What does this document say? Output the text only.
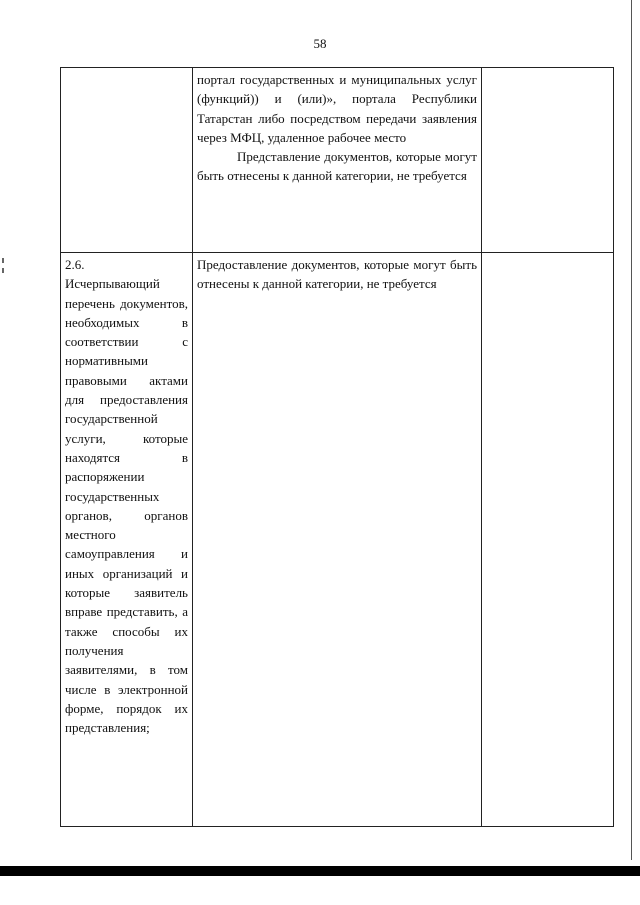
58

	портал государственных и муниципальных услуг (функций)) и (или)», портала Республики Татарстан либо посредством передачи заявления через МФЦ, удаленное рабочее место

Представление документов, которые могут быть отнесены к данной категории, не требуется	

2.6.
Исчерпывающий перечень документов, необходимых в соответствии с нормативными правовыми актами для предоставления государственной услуги, которые находятся в распоряжении государственных органов, органов местного самоуправления и иных организаций и которые заявитель вправе представить, а также способы их получения заявителями, в том числе в электронной форме, порядок их представления;	Предоставление документов, которые могут быть отнесены к данной категории, не требуется	
